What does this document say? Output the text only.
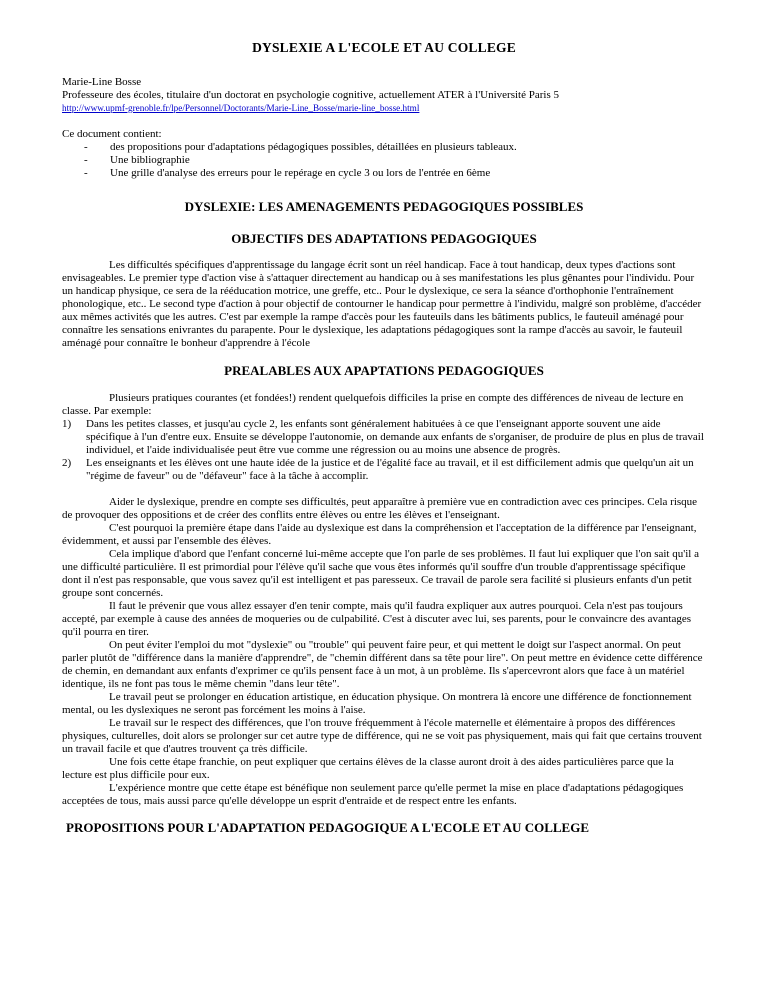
DYSLEXIE A L'ECOLE ET AU COLLEGE
Marie-Line Bosse
Professeure des écoles, titulaire d'un doctorat en psychologie cognitive, actuellement ATER à l'Université Paris 5
http://www.upmf-grenoble.fr/lpe/Personnel/Doctorants/Marie-Line_Bosse/marie-line_bosse.html
Ce document contient:
- des propositions pour d'adaptations pédagogiques possibles, détaillées en plusieurs tableaux.
- Une bibliographie
- Une grille d'analyse des erreurs pour le repérage en cycle 3 ou lors de l'entrée en 6ème
DYSLEXIE: LES AMENAGEMENTS PEDAGOGIQUES POSSIBLES
OBJECTIFS DES ADAPTATIONS PEDAGOGIQUES

Les difficultés spécifiques d'apprentissage du langage écrit sont un réel handicap. Face à tout handicap, deux types d'actions sont envisageables. Le premier type d'action vise à s'attaquer directement au handicap ou à ses manifestations les plus gênantes pour l'individu. Pour un handicap physique, ce sera de la rééducation motrice, une greffe, etc.. Pour le dyslexique, ce sera la séance d'orthophonie l'entraînement phonologique, etc.. Le second type d'action à pour objectif de contourner le handicap pour permettre à l'individu, malgré son problème, d'accéder aux mêmes activités que les autres. C'est par exemple la rampe d'accès pour les fauteuils dans les bâtiments publics, le fauteuil aménagé pour connaître les sensations enivrantes du parapente. Pour le dyslexique, les adaptations pédagogiques sont la rampe d'accès au savoir, le fauteuil aménagé pour connaître le bonheur d'apprendre à l'école

PREALABLES AUX APAPTATIONS PEDAGOGIQUES

Plusieurs pratiques courantes (et fondées!) rendent quelquefois difficiles la prise en compte des différences de niveau de lecture en classe. Par exemple:

1) Dans les petites classes, et jusqu'au cycle 2, les enfants sont généralement habituées à ce que l'enseignant apporte souvent une aide spécifique à l'un d'entre eux. Ensuite se développe l'autonomie, on demande aux enfants de s'organiser, de produire de plus en plus de travail individuel, et l'aide individualisée peut être vue comme une régression ou au moins une absence de progrès.
2) Les enseignants et les élèves ont une haute idée de la justice et de l'égalité face au travail, et il est difficilement admis que quelqu'un ait un "régime de faveur" ou de "défaveur" face à la tâche à accomplir.

Aider le dyslexique, prendre en compte ses difficultés, peut apparaître à première vue en contradiction avec ces principes. Cela risque de provoquer des oppositions et de créer des conflits entre élèves ou entre les élèves et l'enseignant.

C'est pourquoi la première étape dans l'aide au dyslexique est dans la compréhension et l'acceptation de la différence par l'enseignant, évidemment, et aussi par l'ensemble des élèves.

Cela implique d'abord que l'enfant concerné lui-même accepte que l'on parle de ses problèmes. Il faut lui expliquer que l'on sait qu'il a une difficulté particulière. Il est primordial pour l'élève qu'il sache que vous êtes informés qu'il souffre d'un trouble d'apprentissage spécifique dont il n'est pas responsable, que vous savez qu'il est intelligent et pas paresseux. Ce travail de parole sera facilité si plusieurs enfants d'un petit groupe sont concernés.

Il faut le prévenir que vous allez essayer d'en tenir compte, mais qu'il faudra expliquer aux autres pourquoi. Cela n'est pas toujours accepté, par exemple à cause des années de moqueries ou de culpabilité. C'est à discuter avec lui, ses parents, pour le convaincre des avantages qu'il pourra en tirer.

On peut éviter l'emploi du mot "dyslexie" ou "trouble" qui peuvent faire peur, et qui mettent le doigt sur l'aspect anormal. On peut parler plutôt de "différence dans la manière d'apprendre", de "chemin différent dans sa tête pour lire". On peut mettre en évidence cette différence de chemin, en demandant aux enfants d'exprimer ce qu'ils pensent face à un mot, à un problème. Ils s'apercevront alors que face à un matériel identique, ils ne font pas tous le même chemin "dans leur tête".

Le travail peut se prolonger en éducation artistique, en éducation physique. On montrera là encore une différence de fonctionnement mental, ou les dyslexiques ne seront pas forcément les moins à l'aise.

Le travail sur le respect des différences, que l'on trouve fréquemment à l'école maternelle et élémentaire à propos des différences physiques, culturelles, doit alors se prolonger sur cet autre type de différence, qui ne se voit pas physiquement, mais qui fait que certains trouvent un travail facile et que d'autres trouvent ça très difficile.

Une fois cette étape franchie, on peut expliquer que certains élèves de la classe auront droit à des aides particulières parce que la lecture est plus difficile pour eux.

L'expérience montre que cette étape est bénéfique non seulement parce qu'elle permet la mise en place d'adaptations pédagogiques acceptées de tous, mais aussi parce qu'elle développe un esprit d'entraide et de respect entre les enfants.

PROPOSITIONS POUR L'ADAPTATION PEDAGOGIQUE A L'ECOLE ET AU COLLEGE
